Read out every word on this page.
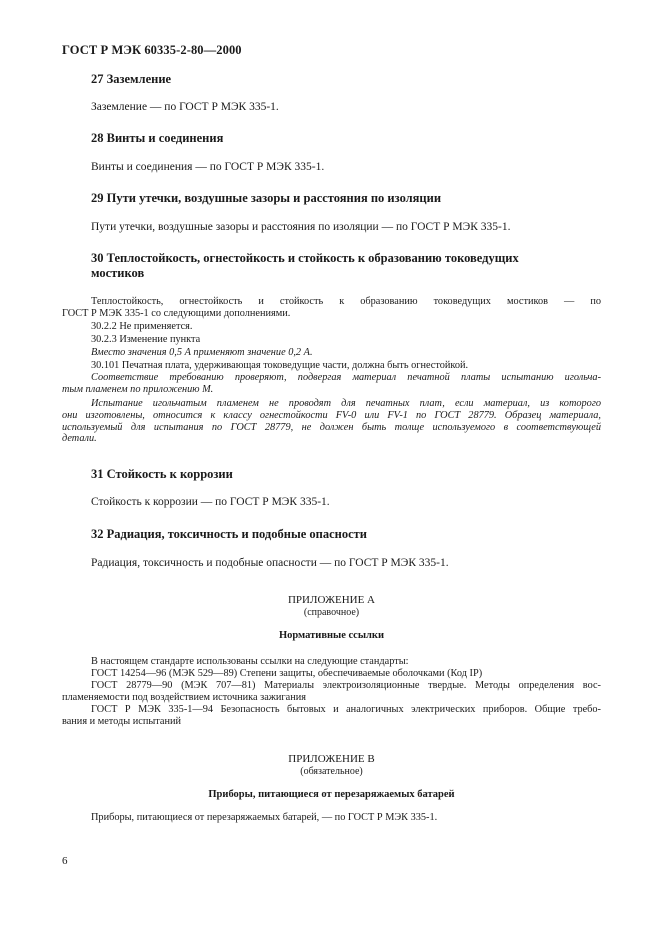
ГОСТ Р МЭК 60335-2-80—2000
27 Заземление
Заземление — по ГОСТ Р МЭК 335-1.
28 Винты и соединения
Винты и соединения — по ГОСТ Р МЭК 335-1.
29 Пути утечки, воздушные зазоры и расстояния по изоляции
Пути утечки, воздушные зазоры и расстояния по изоляции — по ГОСТ Р МЭК 335-1.
30 Теплостойкость, огнестойкость и стойкость к образованию токоведущих
мостиков
Теплостойкость, огнестойкость и стойкость к образованию токоведущих мостиков — по
ГОСТ Р МЭК 335-1 со следующими дополнениями.
30.2.2 Не применяется.
30.2.3 Изменение пункта
Вместо значения 0,5 А применяют значение 0,2 А.
30.101 Печатная плата, удерживающая токоведущие части, должна быть огнестойкой.
Соответствие требованию проверяют, подвергая материал печатной платы испытанию игольча-
тым пламенем по приложению М.
Испытание игольчатым пламенем не проводят для печатных плат, если материал, из которого
они изготовлены, относится к классу огнестойкости FV-0 или FV-1 по ГОСТ 28779. Образец материала,
используемый для испытания по ГОСТ 28779, не должен быть толще используемого в соответствующей
детали.
31 Стойкость к коррозии
Стойкость к коррозии — по ГОСТ Р МЭК 335-1.
32 Радиация, токсичность и подобные опасности
Радиация, токсичность и подобные опасности — по ГОСТ Р МЭК 335-1.
ПРИЛОЖЕНИЕ А
(справочное)
Нормативные ссылки
В настоящем стандарте использованы ссылки на следующие стандарты:
ГОСТ 14254—96 (МЭК 529—89) Степени защиты, обеспечиваемые оболочками (Код IP)
ГОСТ 28779—90 (МЭК 707—81) Материалы электроизоляционные твердые. Методы определения вос-
пламеняемости под воздействием источника зажигания
ГОСТ Р МЭК 335-1—94 Безопасность бытовых и аналогичных электрических приборов. Общие требо-
вания и методы испытаний
ПРИЛОЖЕНИЕ В
(обязательное)
Приборы, питающиеся от перезаряжаемых батарей
Приборы, питающиеся от перезаряжаемых батарей, — по ГОСТ Р МЭК 335-1.
6
